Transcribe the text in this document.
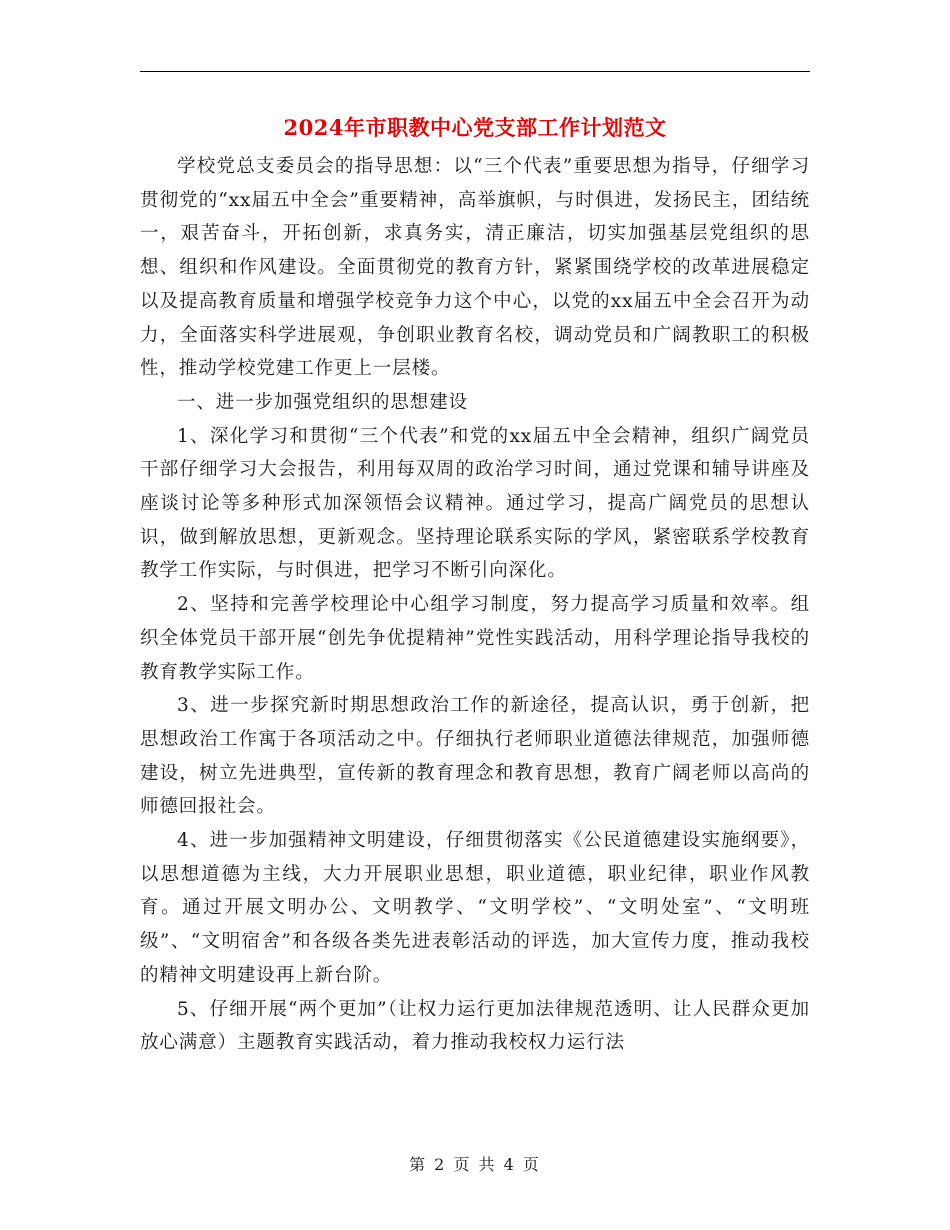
2024年市职教中心党支部工作计划范文

学校党总支委员会的指导思想：以“三个代表”重要思想为指导，仔细学习贯彻党的“xx届五中全会”重要精神，高举旗帜，与时俱进，发扬民主，团结统一，艰苦奋斗，开拓创新，求真务实，清正廉洁，切实加强基层党组织的思想、组织和作风建设。全面贯彻党的教育方针，紧紧围绕学校的改革进展稳定以及提高教育质量和增强学校竞争力这个中心，以党的xx届五中全会召开为动力，全面落实科学进展观，争创职业教育名校，调动党员和广阔教职工的积极性，推动学校党建工作更上一层楼。

一、进一步加强党组织的思想建设

1、深化学习和贯彻“三个代表”和党的xx届五中全会精神，组织广阔党员干部仔细学习大会报告，利用每双周的政治学习时间，通过党课和辅导讲座及座谈讨论等多种形式加深领悟会议精神。通过学习，提高广阔党员的思想认识，做到解放思想，更新观念。坚持理论联系实际的学风，紧密联系学校教育教学工作实际，与时俱进，把学习不断引向深化。

2、坚持和完善学校理论中心组学习制度，努力提高学习质量和效率。组织全体党员干部开展“创先争优提精神”党性实践活动，用科学理论指导我校的教育教学实际工作。

3、进一步探究新时期思想政治工作的新途径，提高认识，勇于创新，把思想政治工作寓于各项活动之中。仔细执行老师职业道德法律规范，加强师德建设，树立先进典型，宣传新的教育理念和教育思想，教育广阔老师以高尚的师德回报社会。

4、进一步加强精神文明建设，仔细贯彻落实《公民道德建设实施纲要》，以思想道德为主线，大力开展职业思想，职业道德，职业纪律，职业作风教育。通过开展文明办公、文明教学、“文明学校”、“文明处室”、“文明班级”、“文明宿舍”和各级各类先进表彰活动的评选，加大宣传力度，推动我校的精神文明建设再上新台阶。

5、仔细开展“两个更加”（让权力运行更加法律规范透明、让人民群众更加放心满意）主题教育实践活动，着力推动我校权力运行法

第 2 页 共 4 页
